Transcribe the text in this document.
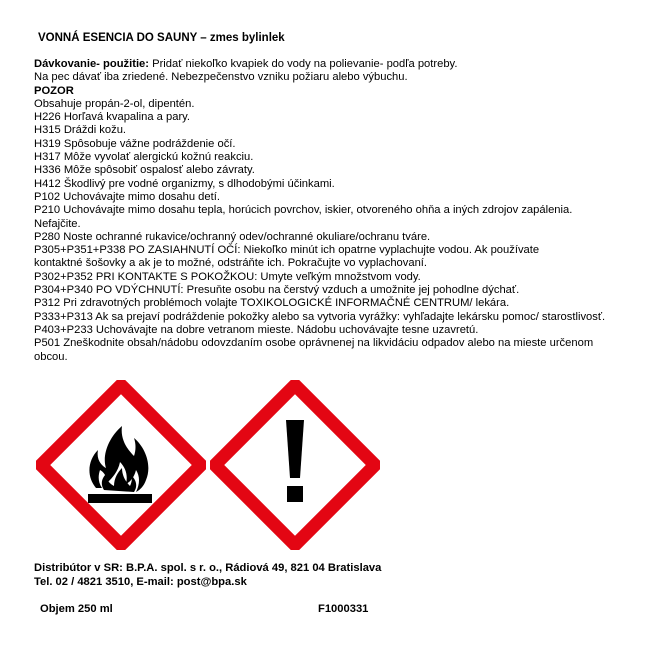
VONNÁ ESENCIA DO SAUNY – zmes bylinlek
Dávkovanie- použitie: Pridať niekoľko kvapiek do vody na polievanie- podľa potreby.
Na pec dávať iba zriedené. Nebezpečenstvo vzniku požiaru alebo výbuchu.
POZOR
Obsahuje propán-2-ol, dipentén.
H226 Horľavá kvapalina a pary.
H315 Dráždi kožu.
H319 Spôsobuje vážne podráždenie očí.
H317 Môže vyvolať alergickú kožnú reakciu.
H336 Môže spôsobiť ospalosť alebo závraty.
H412 Škodlivý pre vodné organizmy, s dlhodobými účinkami.
P102 Uchovávajte mimo dosahu detí.
P210 Uchovávajte mimo dosahu tepla, horúcich povrchov, iskier, otvoreného ohňa a iných zdrojov zapálenia.
Nefajčite.
P280 Noste ochranné rukavice/ochranný odev/ochranné okuliare/ochranu tváre.
P305+P351+P338 PO ZASIAHNUTÍ OČÍ: Niekoľko minút ich opatrne vyplachujte vodou. Ak používate
kontaktné šošovky a ak je to možné, odstráňte ich. Pokračujte vo vyplachovaní.
P302+P352 PRI KONTAKTE S POKOŽKOU: Umyte veľkým množstvom vody.
P304+P340 PO VDÝCHNUTÍ: Presuňte osobu na čerstvý vzduch a umožnite jej pohodlne dýchať.
P312 Pri zdravotných problémoch volajte TOXIKOLOGICKÉ INFORMAČNÉ CENTRUM/ lekára.
P333+P313 Ak sa prejaví podráždenie pokožky alebo sa vytvoria vyrážky: vyhľadajte lekársku pomoc/ starostlivosť.
P403+P233 Uchovávajte na dobre vetranom mieste. Nádobu uchovávajte tesne uzavretú.
P501 Zneškodnite obsah/nádobu odovzdaním osobe oprávnenej na likvidáciu odpadov alebo na mieste určenom
obcou.
Distribútor v SR: B.P.A. spol. s r. o., Rádiová 49, 821 04 Bratislava
Tel. 02 / 4821 3510, E-mail: post@bpa.sk
Objem 250 ml	F1000331
